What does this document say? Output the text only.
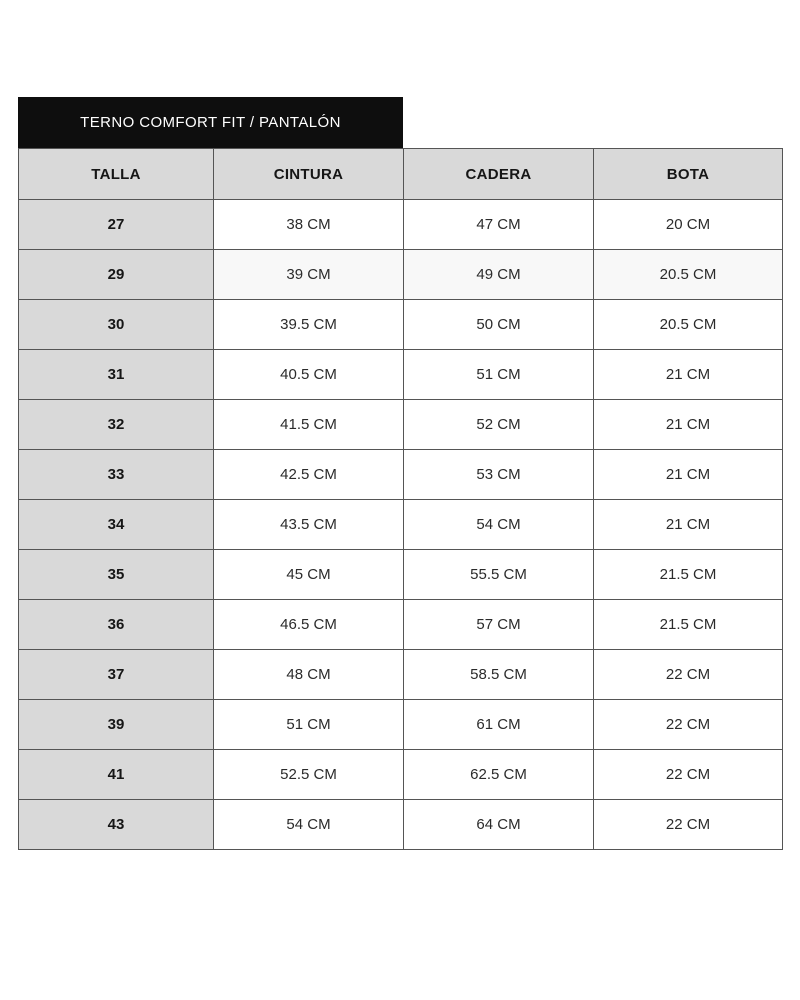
TERNO COMFORT FIT / PANTALÓN
TALLA	CINTURA	CADERA	BOTA
27	38 CM	47 CM	20 CM
29	39 CM	49 CM	20.5 CM
30	39.5 CM	50 CM	20.5 CM
31	40.5 CM	51 CM	21 CM
32	41.5 CM	52 CM	21 CM
33	42.5 CM	53 CM	21 CM
34	43.5 CM	54 CM	21 CM
35	45 CM	55.5 CM	21.5 CM
36	46.5 CM	57 CM	21.5 CM
37	48 CM	58.5 CM	22 CM
39	51 CM	61 CM	22 CM
41	52.5 CM	62.5 CM	22 CM
43	54 CM	64 CM	22 CM
